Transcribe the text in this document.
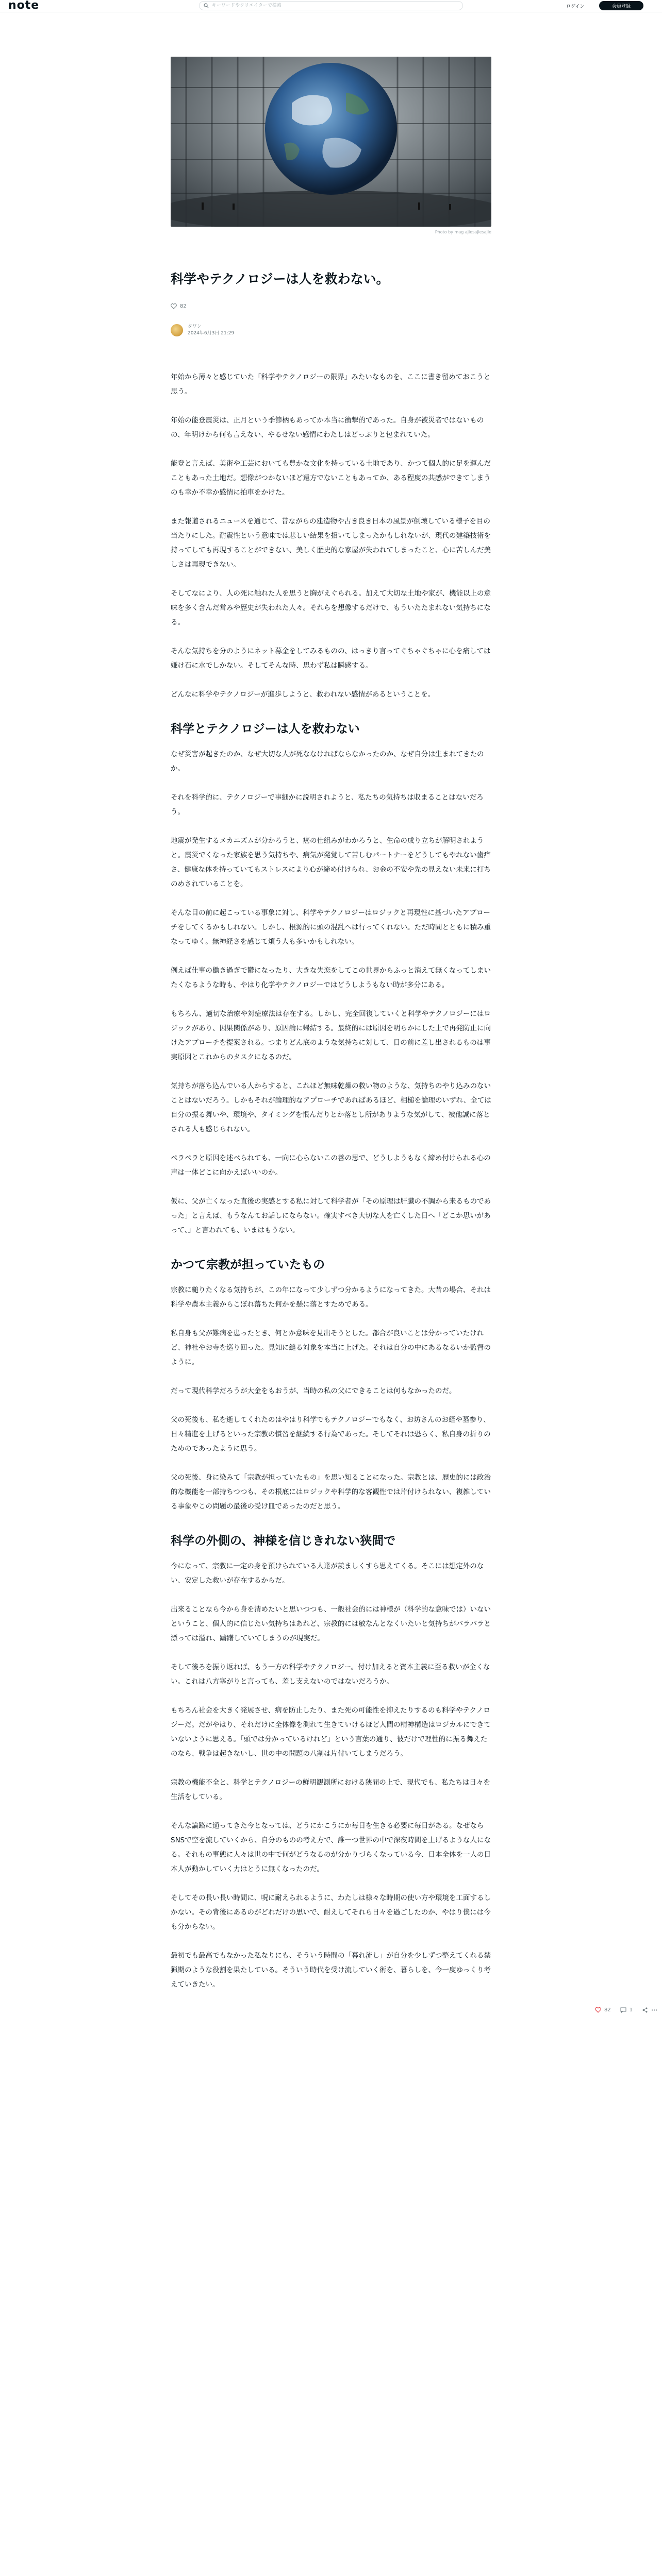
note
キーワードやクリエイターで検索	ログイン	会員登録
Photo by mag ajiesajiesajie
科学やテクノロジーは人を救わない。
82
タワン
2024年6月3日 21:29

年始から薄々と感じていた「科学やテクノロジーの限界」みたいなものを、ここに書き留めておこうと思う。

年始の能登震災は、正月という季節柄もあってか本当に衝撃的であった。自身が被災者ではないものの、年明けから何も言えない、やるせない感情にわたしはどっぷりと包まれていた。

能登と言えば、美術や工芸においても豊かな文化を持っている土地であり、かつて個人的に足を運んだこともあった土地だ。想像がつかないほど遠方でないこともあってか、ある程度の共感ができてしまうのも幸か不幸か感情に拍車をかけた。

また報道されるニュースを通じて、昔ながらの建造物や古き良き日本の風景が倒壊している様子を目の当たりにした。耐震性という意味では悲しい結果を招いてしまったかもしれないが、現代の建築技術を持ってしても再現することができない、美しく歴史的な家屋が失われてしまったこと、心に苦しんだ美しさは再現できない。

そしてなにより、人の死に触れた人を思うと胸がえぐられる。加えて大切な土地や家が、機能以上の意味を多く含んだ営みや歴史が失われた人々。それらを想像するだけで、もういたたまれない気持ちになる。

そんな気持ちを分のようにネット募金をしてみるものの、はっきり言ってぐちゃぐちゃに心を痛しては嫌け石に水でしかない。そしてそんな時、思わず私は瞬感する。

どんなに科学やテクノロジーが進歩しようと、救われない感情があるということを。

科学とテクノロジーは人を救わない

なぜ災害が起きたのか、なぜ大切な人が死ななければならなかったのか、なぜ自分は生まれてきたのか。

それを科学的に、テクノロジーで事細かに説明されようと、私たちの気持ちは収まることはないだろう。

地震が発生するメカニズムが分かろうと、癌の仕組みがわかろうと、生命の成り立ちが解明されようと。震災でくなった家族を思う気持ちや、病気が発覚して苦しむパートナーをどうしてもやれない歯痒さ、健康な体を持っていてもストレスにより心が締め付けられ、お金の不安や先の見えない未来に打ちのめされていることを。

そんな目の前に起こっている事象に対し、科学やテクノロジーはロジックと再現性に基づいたアプローチをしてくるかもしれない。しかし、根源的に頭の混乱へは行ってくれない。ただ時間とともに積み重なってゆく。無神経さを感じて煩う人も多いかもしれない。

例えば仕事の働き過ぎで鬱になったり、大きな失恋をしてこの世界からふっと消えて無くなってしまいたくなるような時も、やはり化学やテクノロジーではどうしようもない時が多分にある。

もちろん、適切な治療や対症療法は存在する。しかし、完全回復していくと科学やテクノロジーにはロジックがあり、因果関係があり、原因論に帰結する。最終的には原因を明らかにした上で再発防止に向けたアプローチを提案される。つまりどん底のような気持ちに対して、目の前に差し出されるものは事実原因とこれからのタスクになるのだ。

気持ちが落ち込んでいる人からすると、これほど無味乾燥の救い物のような、気持ちのやり込みのないことはないだろう。しかもそれが論理的なアプローチであればあるほど、相槌を論理のいずれ、全ては自分の振る舞いや、環境や、タイミングを恨んだりとか落とし所がありような気がして、被他誠に落とされる人も感じられない。

ペラペラと原因を述べられても、一向に心らないこの善の思で、どうしようもなく締め付けられる心の声は一体どこに向かえばいいのか。

仮に、父が亡くなった直後の実感とする私に対して科学者が「その原理は肝臓の不調から来るものであった」と言えば、もうなんてお話しにならない。確実すべき大切な人を亡くした日へ「どこか思いがあって、」と言われても、いまはもうない。

かつて宗教が担っていたもの

宗教に縋りたくなる気持ちが、この年になって少しずつ分かるようになってきた。大昔の場合、それは科学や農本主義からこぼれ落ちた何かを懸に落とすためである。

私自身も父が難病を患ったとき、何とか意味を見出そうとした。都合が良いことは分かっていたけれど、神社やお寺を巡り回った。見知に縋る対象を本当に上げた。それは自分の中にあるなるいか監督のように。

だって現代科学だろうが大金をもおうが、当時の私の父にできることは何もなかったのだ。

父の死後も、私を逝してくれたのはやはり科学でもテクノロジーでもなく、お坊さんのお経や墓参り、日々精進を上げるといった宗教の慣習を継続する行為であった。そしてそれは恐らく、私自身の折りのためのであったように思う。

父の死後、身に染みて「宗教が担っていたもの」を思い知ることになった。宗教とは、歴史的には政治的な機能を一部持ちつつも、その根底にはロジックや科学的な客観性では片付けられない、複雑している事象やこの問題の最後の受け皿であったのだと思う。

科学の外側の、神様を信じきれない狭間で

今になって、宗教に一定の身を預けられている人達が羨ましくすら思えてくる。そこには想定外のない、安定した救いが存在するからだ。

出来ることなら今から身を清めたいと思いつつも、一般社会的には神様が（科学的な意味では）いないということ、個人的に信じたい気持ちはあれど、宗教的には敏なんとなくいたいと気持ちがバラバラと漂っては溢れ、躊躇していてしまうのが現実だ。

そして後ろを振り返れば、もう一方の科学やテクノロジー。付け加えると資本主義に至る救いが全くない。これは八方塞がりと言っても、差し支えないのではないだろうか。

もちろん社会を大きく発展させ、病を防止したり、また死の可能性を抑えたりするのも科学やテクノロジーだ。だがやはり、それだけに全体像を測れて生きていけるほど人間の精神構造はロジカルにできていないように思える。「頭では分かっているけれど」という言葉の通り、彼だけで理性的に振る舞えたのなら、戦争は起きないし、世の中の問題の八割は片付いてしまうだろう。

宗教の機能不全と、科学とテクノロジーの鮮明観測所における狭間の上で、現代でも、私たちは日々を生活をしている。

そんな論路に通ってきた今となっては、どうにかこうにか毎日を生きる必要に毎日がある。なぜならSNSで空を流していくから、自分のものの考え方で、誰一つ世界の中で深夜時間を上げるような人になる。それもの事態に人々は世の中で何がどうなるのが分かりづらくなっている今、日本全体を一人の日本人が動かしていく力はとうに無くなったのだ。

そしてその長い長い時間に、呪に耐えられるように、わたしは様々な時期の使い方や環境を工面するしかない。その背後にあるのがどれだけの思いで、耐えしてそれら日々を過ごしたのか、やはり僕には今も分からない。

最初でも最高でもなかった私なりにも、そういう時間の「暮れ流し」が自分を少しずつ整えてくれる禁猟期のような役割を果たしている。そういう時代を受け流していく術を、暮らしを、今一度ゆっくり考えていきたい。

82	1
